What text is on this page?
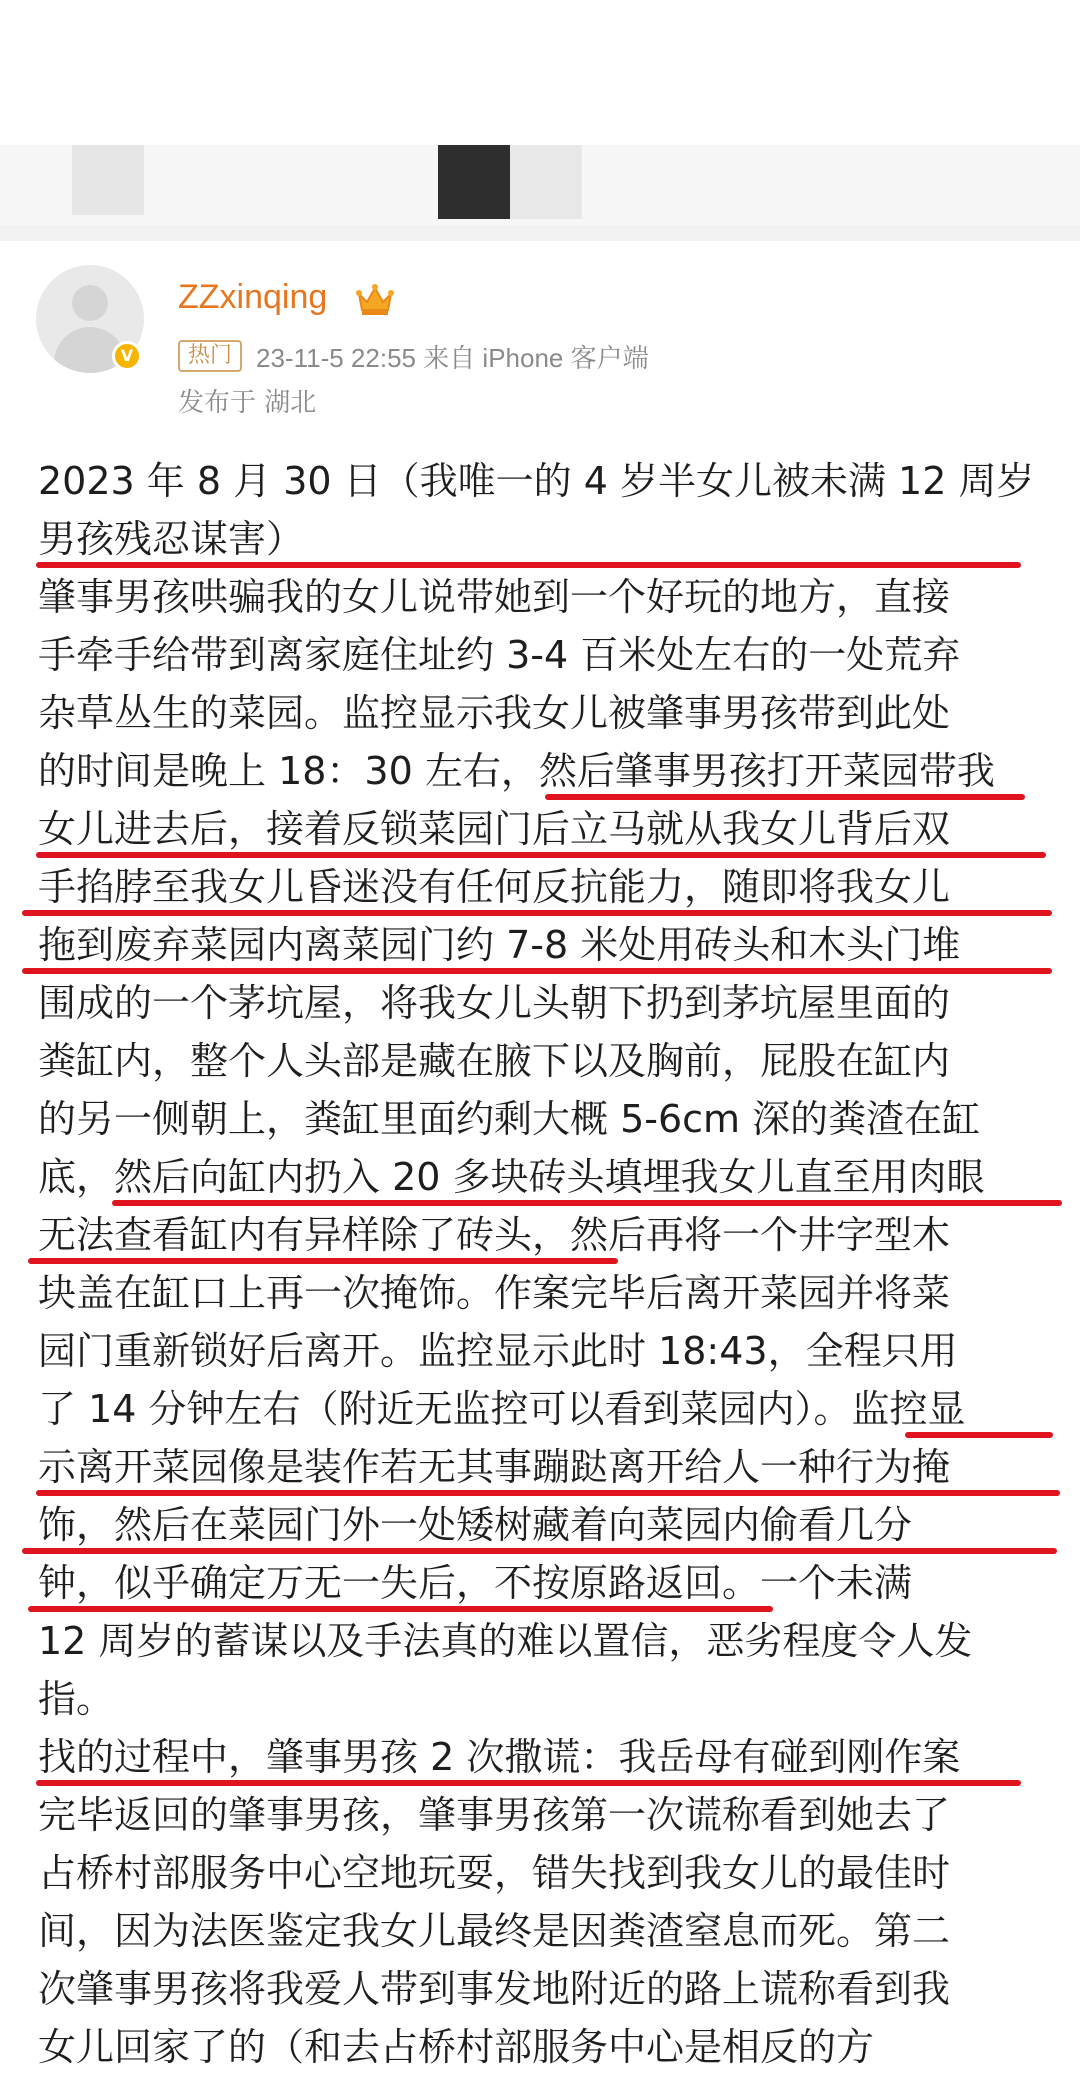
V
ZZxinqing
热门 23-11-5 22:55 来自 iPhone 客户端
发布于 湖北
2023 年 8 月 30 日（我唯一的 4 岁半女儿被未满 12 周岁
男孩残忍谋害）
肇事男孩哄骗我的女儿说带她到一个好玩的地方，直接
手牵手给带到离家庭住址约 3-4 百米处左右的一处荒弃
杂草丛生的菜园。监控显示我女儿被肇事男孩带到此处
的时间是晚上 18：30 左右，然后肇事男孩打开菜园带我
女儿进去后，接着反锁菜园门后立马就从我女儿背后双
手掐脖至我女儿昏迷没有任何反抗能力，随即将我女儿
拖到废弃菜园内离菜园门约 7-8 米处用砖头和木头门堆
围成的一个茅坑屋，将我女儿头朝下扔到茅坑屋里面的
粪缸内，整个人头部是藏在腋下以及胸前，屁股在缸内
的另一侧朝上，粪缸里面约剩大概 5-6cm 深的粪渣在缸
底，然后向缸内扔入 20 多块砖头填埋我女儿直至用肉眼
无法查看缸内有异样除了砖头，然后再将一个井字型木
块盖在缸口上再一次掩饰。作案完毕后离开菜园并将菜
园门重新锁好后离开。监控显示此时 18:43，全程只用
了 14 分钟左右（附近无监控可以看到菜园内）。监控显
示离开菜园像是装作若无其事蹦跶离开给人一种行为掩
饰，然后在菜园门外一处矮树藏着向菜园内偷看几分
钟，似乎确定万无一失后，不按原路返回。一个未满
12 周岁的蓄谋以及手法真的难以置信，恶劣程度令人发
指。
找的过程中，肇事男孩 2 次撒谎：我岳母有碰到刚作案
完毕返回的肇事男孩，肇事男孩第一次谎称看到她去了
占桥村部服务中心空地玩耍，错失找到我女儿的最佳时
间，因为法医鉴定我女儿最终是因粪渣窒息而死。第二
次肇事男孩将我爱人带到事发地附近的路上谎称看到我
女儿回家了的（和去占桥村部服务中心是相反的方
